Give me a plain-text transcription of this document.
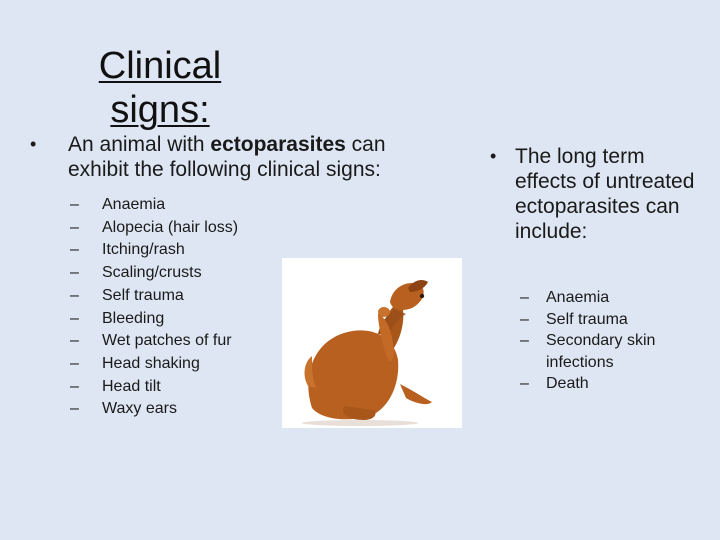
Clinical signs:
• An animal with ectoparasites can exhibit the following clinical signs:
– Anaemia
– Alopecia (hair loss)
– Itching/rash
– Scaling/crusts
– Self trauma
– Bleeding
– Wet patches of fur
– Head shaking
– Head tilt
– Waxy ears
• The long term effects of untreated ectoparasites can include:
– Anaemia
– Self trauma
– Secondary skin infections
– Death
